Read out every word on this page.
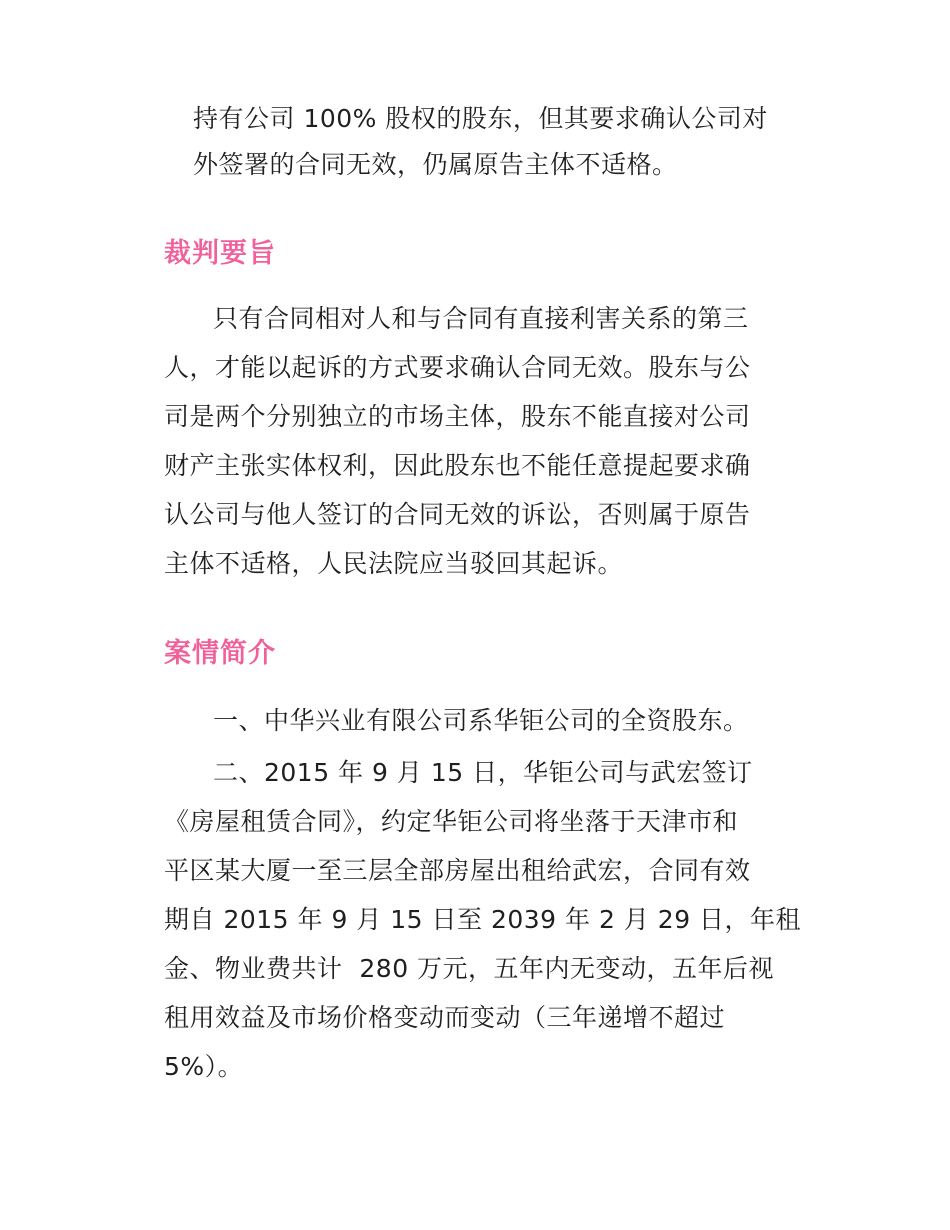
持有公司 100% 股权的股东，但其要求确认公司对
外签署的合同无效，仍属原告主体不适格。
裁判要旨
只有合同相对人和与合同有直接利害关系的第三
人，才能以起诉的方式要求确认合同无效。股东与公
司是两个分别独立的市场主体，股东不能直接对公司
财产主张实体权利，因此股东也不能任意提起要求确
认公司与他人签订的合同无效的诉讼，否则属于原告
主体不适格，人民法院应当驳回其起诉。
案情简介
一、中华兴业有限公司系华钜公司的全资股东。
二、2015 年 9 月 15 日，华钜公司与武宏签订
《房屋租赁合同》，约定华钜公司将坐落于天津市和
平区某大厦一至三层全部房屋出租给武宏，合同有效
期自 2015 年 9 月 15 日至 2039 年 2 月 29 日，年租
金、物业费共计  280 万元，五年内无变动，五年后视
租用效益及市场价格变动而变动（三年递增不超过
5%）。
